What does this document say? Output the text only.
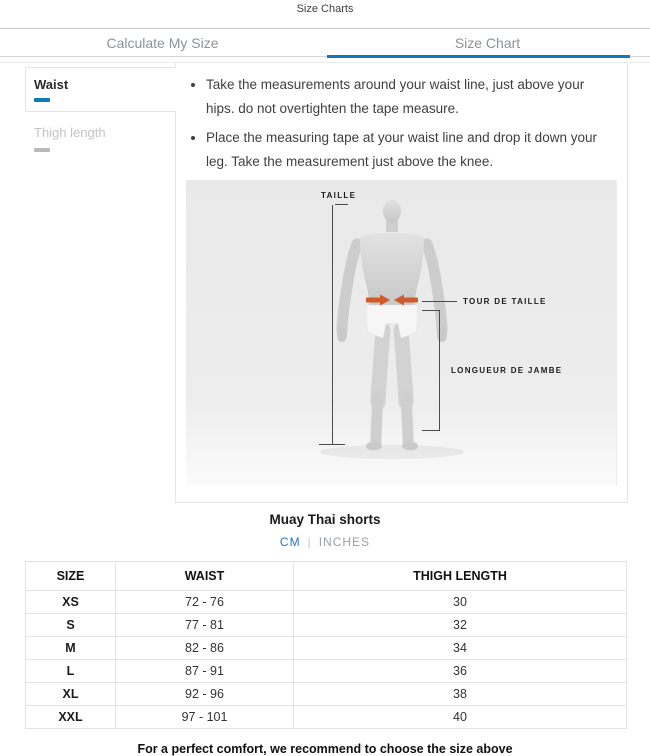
Size Charts
Calculate My Size	Size Chart
Waist
Thigh length
• Take the measurements around your waist line, just above your hips. do not overtighten the tape measure.
• Place the measuring tape at your waist line and drop it down your leg. Take the measurement just above the knee.
TAILLE
TOUR DE TAILLE
LONGUEUR DE JAMBE
Muay Thai shorts
CM | INCHES
SIZE	WAIST	THIGH LENGTH
XS	72 - 76	30
S	77 - 81	32
M	82 - 86	34
L	87 - 91	36
XL	92 - 96	38
XXL	97 - 101	40
For a perfect comfort, we recommend to choose the size above
